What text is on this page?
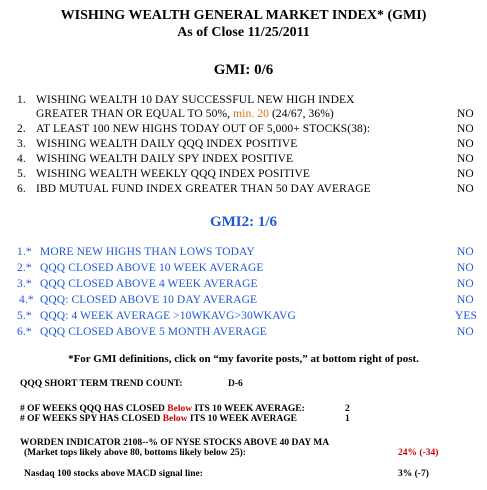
WISHING WEALTH GENERAL MARKET INDEX* (GMI)
As of Close 11/25/2011
GMI: 0/6
1. WISHING WEALTH 10 DAY SUCCESSFUL NEW HIGH INDEX
GREATER THAN OR EQUAL TO 50%, min. 20 (24/67, 36%)	NO
2. AT LEAST 100 NEW HIGHS TODAY OUT OF 5,000+ STOCKS(38):	NO
3. WISHING WEALTH DAILY QQQ INDEX POSITIVE	NO
4. WISHING WEALTH DAILY SPY INDEX POSITIVE	NO
5. WISHING WEALTH WEEKLY QQQ INDEX POSITIVE	NO
6. IBD MUTUAL FUND INDEX GREATER THAN 50 DAY AVERAGE	NO
GMI2: 1/6
1.* MORE NEW HIGHS THAN LOWS TODAY	NO
2.* QQQ CLOSED ABOVE 10 WEEK AVERAGE	NO
3.* QQQ CLOSED ABOVE 4 WEEK AVERAGE	NO
4.* QQQ: CLOSED ABOVE 10 DAY AVERAGE	NO
5.* QQQ: 4 WEEK AVERAGE >10WKAVG>30WKAVG	YES
6.* QQQ CLOSED ABOVE 5 MONTH AVERAGE	NO
*For GMI definitions, click on “my favorite posts,” at bottom right of post.
QQQ SHORT TERM TREND COUNT:	D-6
# OF WEEKS QQQ HAS CLOSED Below ITS 10 WEEK AVERAGE:	2
# OF WEEKS SPY HAS CLOSED Below ITS 10 WEEK AVERAGE	1
WORDEN INDICATOR 2108--% OF NYSE STOCKS ABOVE 40 DAY MA
(Market tops likely above 80, bottoms likely below 25):	24% (-34)
Nasdaq 100 stocks above MACD signal line:	3% (-7)
